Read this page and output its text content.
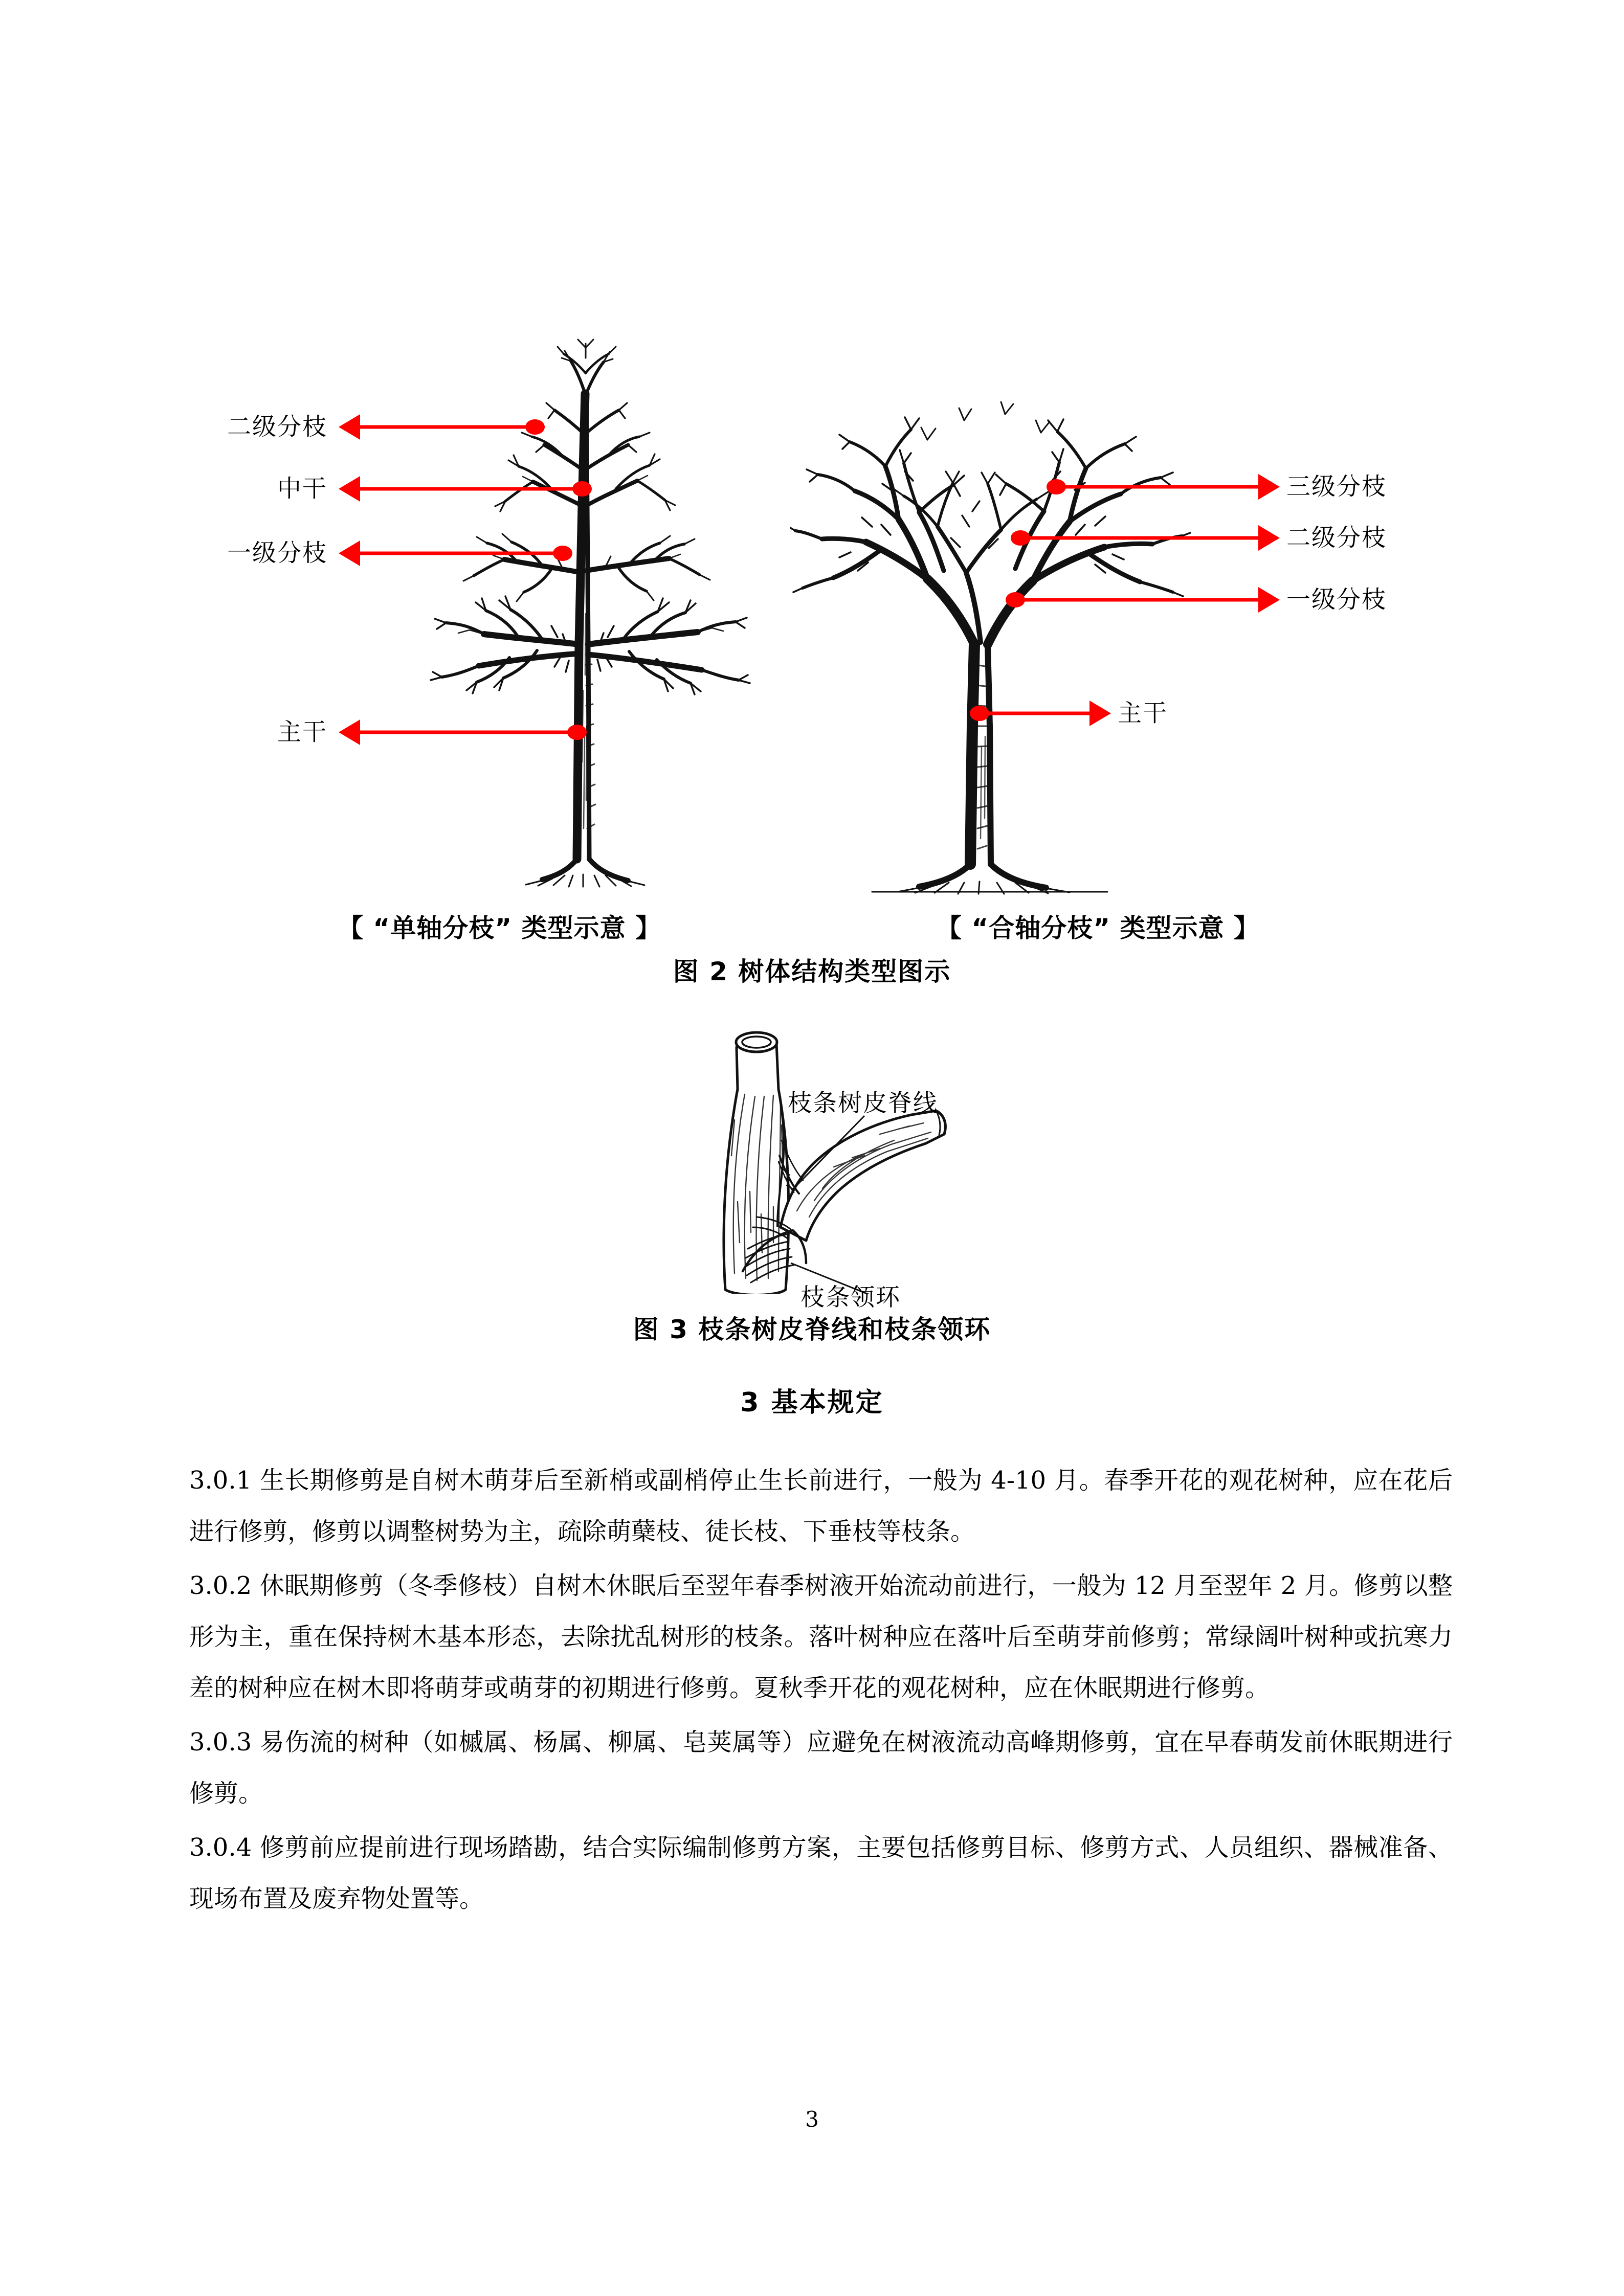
二级分枝
中干
一级分枝
主干
三级分枝
二级分枝
一级分枝
主干
【 “单轴分枝” 类型示意 】	【 “合轴分枝” 类型示意 】
图 2 树体结构类型图示
枝条树皮脊线
枝条领环
图 3 枝条树皮脊线和枝条领环
3 基本规定

3.0.1 生长期修剪是自树木萌芽后至新梢或副梢停止生长前进行，一般为 4-10 月。春季开花的观花树种，应在花后进行修剪，修剪以调整树势为主，疏除萌蘖枝、徒长枝、下垂枝等枝条。

3.0.2 休眠期修剪（冬季修枝）自树木休眠后至翌年春季树液开始流动前进行，一般为 12 月至翌年 2 月。修剪以整形为主，重在保持树木基本形态，去除扰乱树形的枝条。落叶树种应在落叶后至萌芽前修剪；常绿阔叶树种或抗寒力差的树种应在树木即将萌芽或萌芽的初期进行修剪。夏秋季开花的观花树种，应在休眠期进行修剪。

3.0.3 易伤流的树种（如槭属、杨属、柳属、皂荚属等）应避免在树液流动高峰期修剪，宜在早春萌发前休眠期进行修剪。

3.0.4 修剪前应提前进行现场踏勘，结合实际编制修剪方案，主要包括修剪目标、修剪方式、人员组织、器械准备、现场布置及废弃物处置等。

3
